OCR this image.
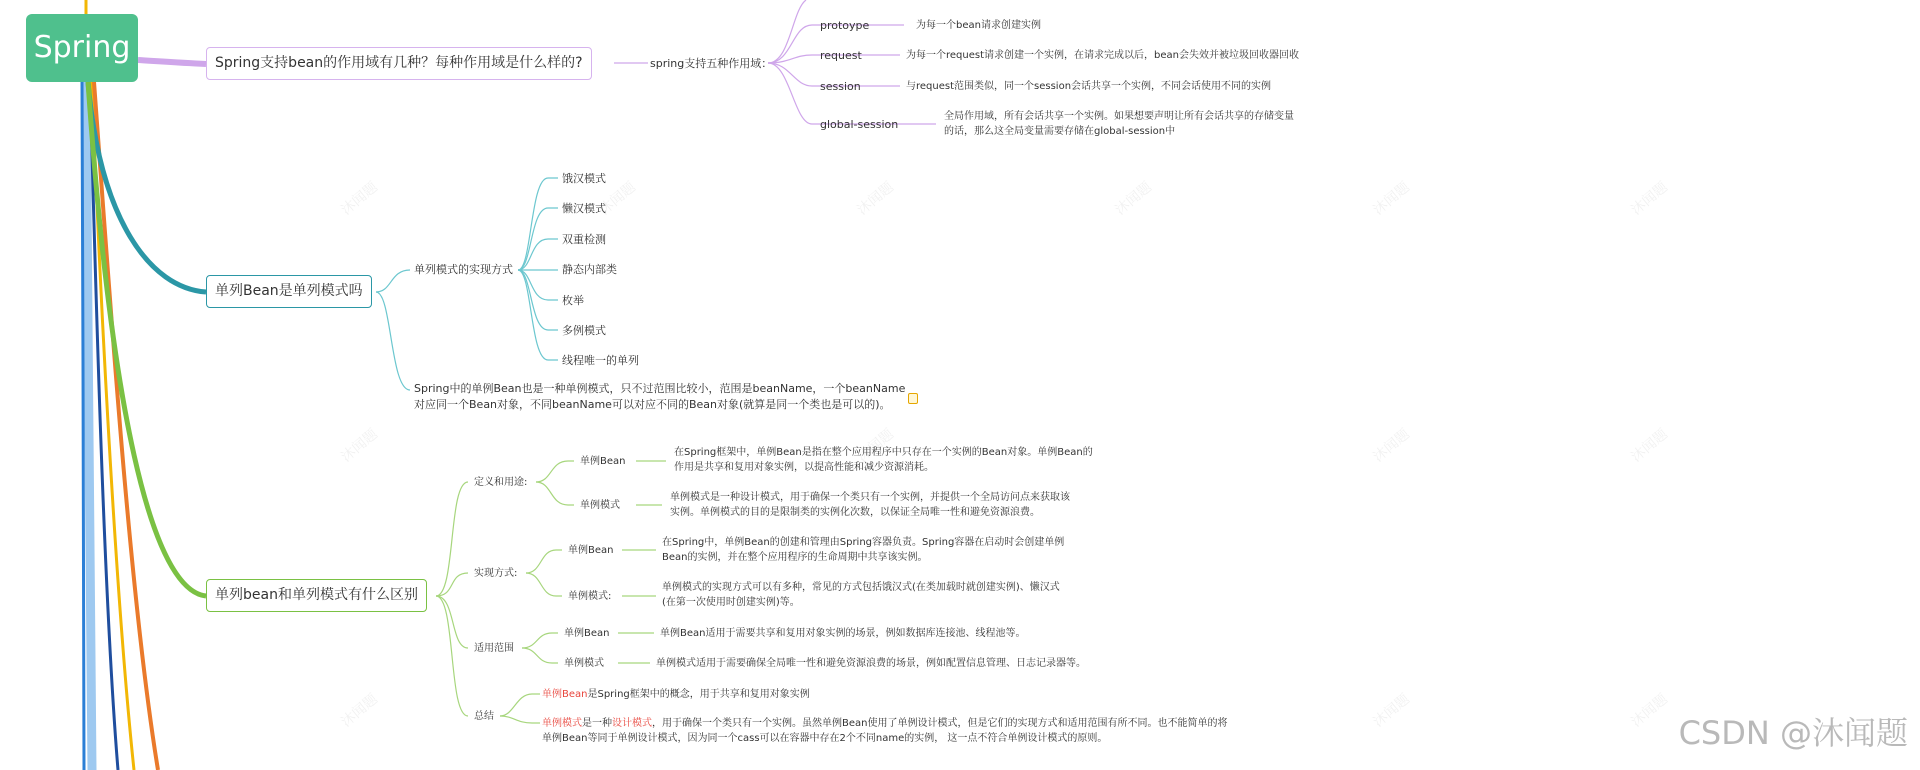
沐闻题	沐闻题	沐闻题	沐闻题	沐闻题	沐闻题
沐闻题	沐闻题	沐闻题	沐闻题
沐闻题	沐闻题	沐闻题
Spring	Spring支持bean的作用域有几种？每种作用域是什么样的?	spring支持五种作用域：
protoype	为每一个bean请求创建实例
request	为每一个request请求创建一个实例，在请求完成以后，bean会失效并被垃圾回收器回收
session	与request范围类似，同一个session会话共享一个实例，不同会话使用不同的实例
global-session
全局作用域，所有会话共享一个实例。如果想要声明让所有会话共享的存储变量
的话，那么这全局变量需要存储在global-session中
单列Bean是单列模式吗
单列模式的实现方式
饿汉模式
懒汉模式
双重检测
静态内部类
枚举
多例模式
线程唯一的单列
Spring中的单例Bean也是一种单例模式，只不过范围比较小，范围是beanName，一个beanName
对应同一个Bean对象，不同beanName可以对应不同的Bean对象(就算是同一个类也是可以的)。
单列bean和单列模式有什么区别
定义和用途:
单例Bean
在Spring框架中，单例Bean是指在整个应用程序中只存在一个实例的Bean对象。单例Bean的
作用是共享和复用对象实例，以提高性能和减少资源消耗。
单例模式
单例模式是一种设计模式，用于确保一个类只有一个实例，并提供一个全局访问点来获取该
实例。单例模式的目的是限制类的实例化次数，以保证全局唯一性和避免资源浪费。
实现方式:
单例Bean
在Spring中，单例Bean的创建和管理由Spring容器负责。Spring容器在启动时会创建单例
Bean的实例，并在整个应用程序的生命周期中共享该实例。
单例模式:
单例模式的实现方式可以有多种，常见的方式包括饿汉式(在类加载时就创建实例)、懒汉式
(在第一次使用时创建实例)等。
适用范围
单例Bean	单例Bean适用于需要共享和复用对象实例的场景，例如数据库连接池、线程池等。
单例模式	单例模式适用于需要确保全局唯一性和避免资源浪费的场景，例如配置信息管理、日志记录器等。
总结
单例Bean是Spring框架中的概念，用于共享和复用对象实例
单例模式是一种设计模式，用于确保一个类只有一个实例。虽然单例Bean使用了单例设计模式，但是它们的实现方式和适用范围有所不同。也不能简单的将
单例Bean等同于单例设计模式，因为同一个cass可以在容器中存在2个不同name的实例， 这一点不符合单例设计模式的原则。	CSDN @沐闻题
